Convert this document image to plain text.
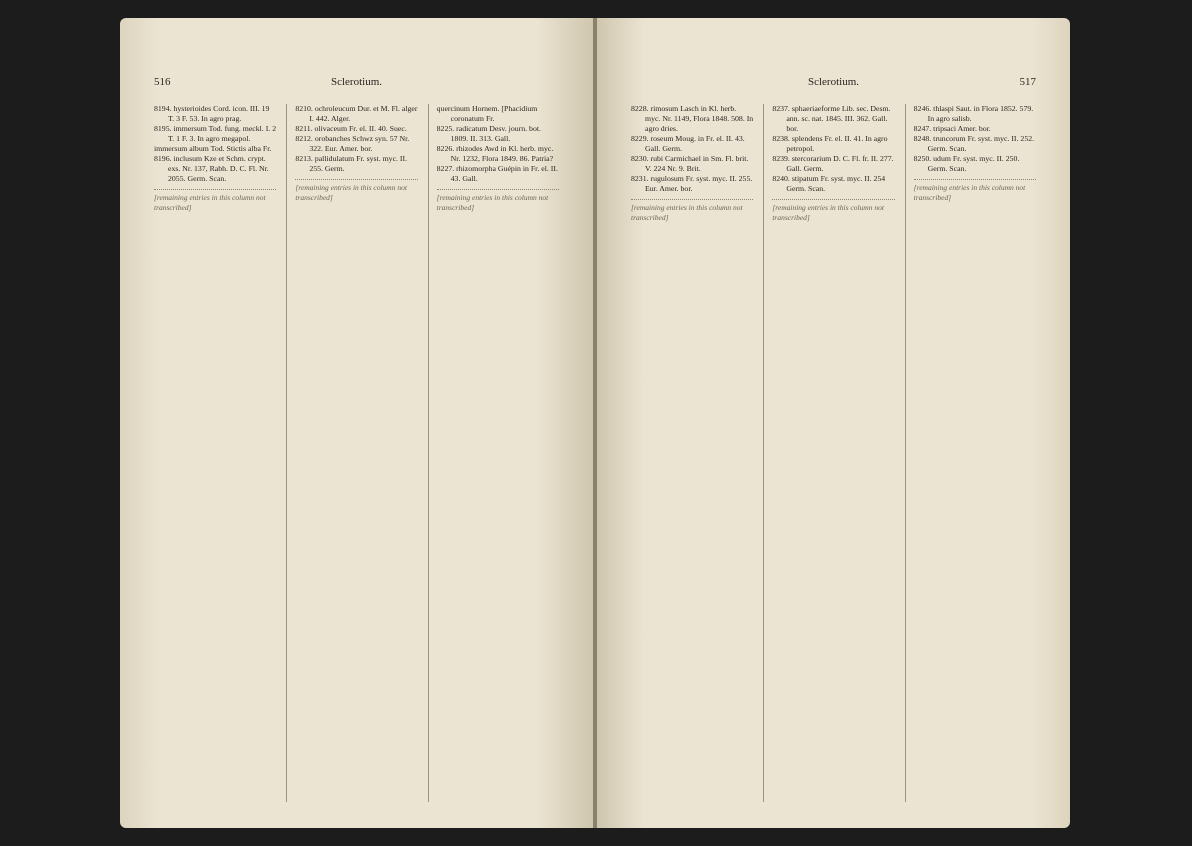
516	Sclerotium.

8194. hysterioides Cord. icon. III. 19 T. 3 F. 53. In agro prag.

8195. immersum Tod. fung. meckl. I. 2 T. 1 F. 3. In agro megapol.

immersum album Tod. Stictis alba Fr.

8196. inclusum Kze et Schm. crypt. exs. Nr. 137, Rabh. D. C. Fl. Nr. 2055. Germ. Scan.

[remaining entries in this column not transcribed]

8210. ochroleucum Dur. et M. Fl. alger I. 442. Alger.

8211. olivaceum Fr. el. II. 40. Suec.

8212. orobanches Schwz syn. 57 Nr. 322. Eur. Amer. bor.

8213. pallidulatum Fr. syst. myc. II. 255. Germ.

[remaining entries in this column not transcribed]

quercinum Hornem. [Phacidium coronatum Fr.

8225. radicatum Desv. journ. bot. 1809. II. 313. Gall.

8226. rhizodes Awd in Kl. herb. myc. Nr. 1232, Flora 1849. 86. Patria?

8227. rhizomorpha Guépin in Fr. el. II. 43. Gall.

[remaining entries in this column not transcribed]
Sclerotium.	517

8228. rimosum Lasch in Kl. herb. myc. Nr. 1149, Flora 1848. 508. In agro dries.

8229. roseum Moug. in Fr. el. II. 43. Gall. Germ.

8230. rubi Carmichael in Sm. Fl. brit. V. 224 Nr. 9. Brit.

8231. rugulosum Fr. syst. myc. II. 255. Eur. Amer. bor.

[remaining entries in this column not transcribed]

8237. sphaeriaeforme Lib. sec. Desm. ann. sc. nat. 1845. III. 362. Gall. bor.

8238. splendens Fr. el. II. 41. In agro petropol.

8239. stercorarium D. C. Fl. fr. II. 277. Gall. Germ.

8240. stipatum Fr. syst. myc. II. 254 Germ. Scan.

[remaining entries in this column not transcribed]

8246. thlaspi Saut. in Flora 1852. 579. In agro salisb.

8247. tripsaci Amer. bor.

8248. truncorum Fr. syst. myc. II. 252. Germ. Scan.

8250. udum Fr. syst. myc. II. 250. Germ. Scan.

[remaining entries in this column not transcribed]
